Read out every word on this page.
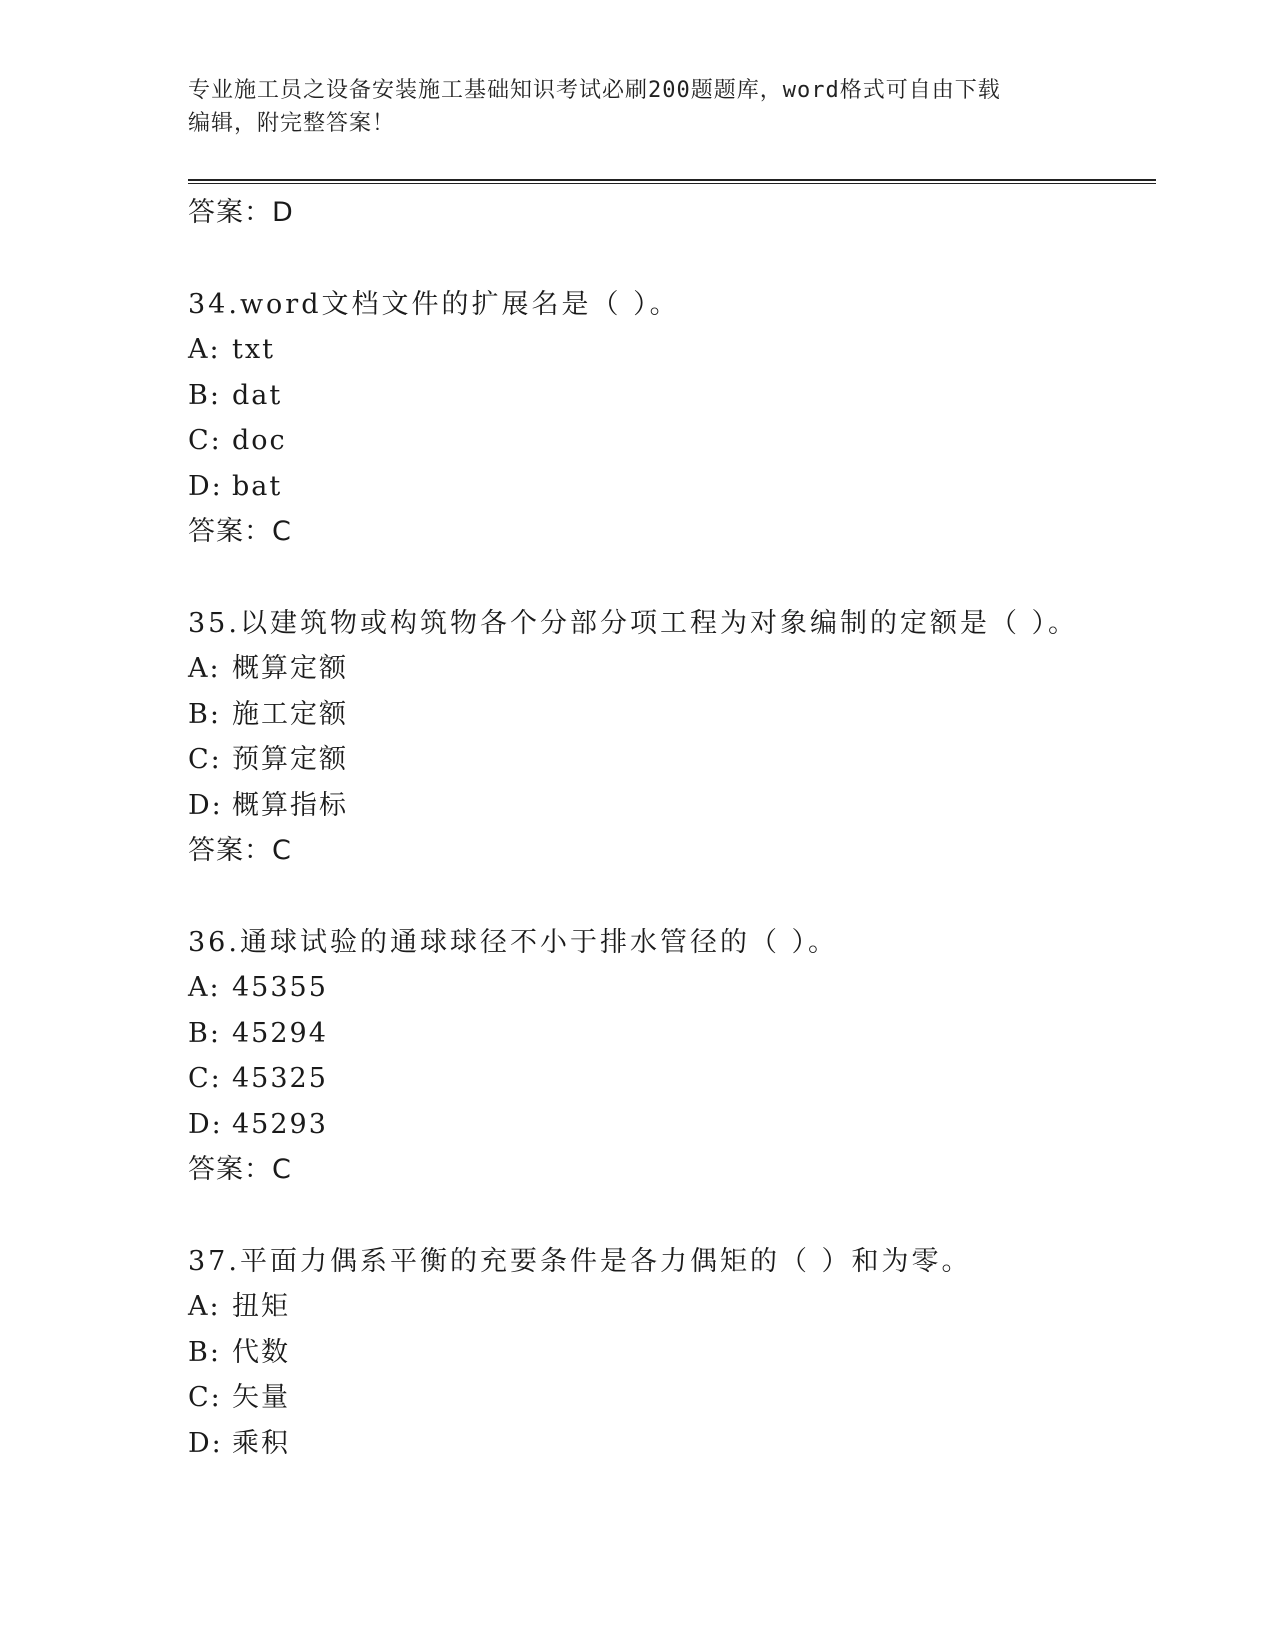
专业施工员之设备安装施工基础知识考试必刷200题题库，word格式可自由下载
编辑，附完整答案！
答案：D
34.word文档文件的扩展名是（ ）。
A: txt
B: dat
C: doc
D: bat
答案：C
35.以建筑物或构筑物各个分部分项工程为对象编制的定额是（ ）。
A: 概算定额
B: 施工定额
C: 预算定额
D: 概算指标
答案：C
36.通球试验的通球球径不小于排水管径的（ ）。
A: 45355
B: 45294
C: 45325
D: 45293
答案：C
37.平面力偶系平衡的充要条件是各力偶矩的（ ）和为零。
A: 扭矩
B: 代数
C: 矢量
D: 乘积
